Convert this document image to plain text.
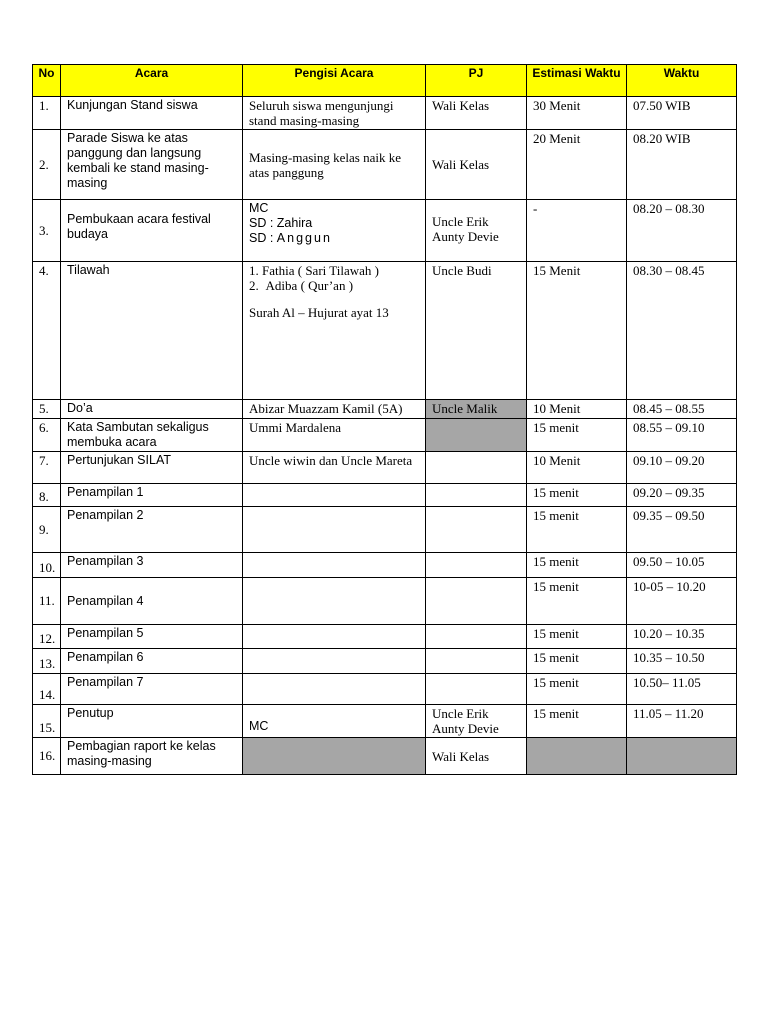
No	Acara	Pengisi Acara	PJ	Estimasi Waktu	Waktu
1.	Kunjungan Stand siswa	Seluruh siswa mengunjungi stand masing-masing	Wali Kelas	30 Menit	07.50 WIB
2.	Parade Siswa ke atas panggung dan langsung kembali ke stand masing-masing	Masing-masing kelas naik ke atas panggung	Wali Kelas	20 Menit	08.20 WIB
3.	Pembukaan acara festival budaya	MC
SD : Zahira
SD : Anggun	Uncle Erik
Aunty Devie	-	08.20 – 08.30
4.	Tilawah	1. Fathia ( Sari Tilawah )
2. Adiba ( Qur’an )
Surah Al – Hujurat ayat 13	Uncle Budi	15 Menit	08.30 – 08.45
5.	Do’a	Abizar Muazzam Kamil (5A)	Uncle Malik	10 Menit	08.45 – 08.55
6.	Kata Sambutan sekaligus membuka acara	Ummi Mardalena		15 menit	08.55 – 09.10
7.	Pertunjukan SILAT	Uncle wiwin dan Uncle Mareta		10 Menit	09.10 – 09.20
8.	Penampilan 1			15 menit	09.20 – 09.35
9.	Penampilan 2			15 menit	09.35 – 09.50
10.	Penampilan 3			15 menit	09.50 – 10.05
11.	Penampilan 4			15 menit	10-05 – 10.20
12.	Penampilan 5			15 menit	10.20 – 10.35
13.	Penampilan 6			15 menit	10.35 – 10.50
14.	Penampilan 7			15 menit	10.50– 11.05
15.	Penutup	MC	Uncle Erik
Aunty Devie	15 menit	11.05 – 11.20
16.	Pembagian raport ke kelas masing-masing		Wali Kelas		
